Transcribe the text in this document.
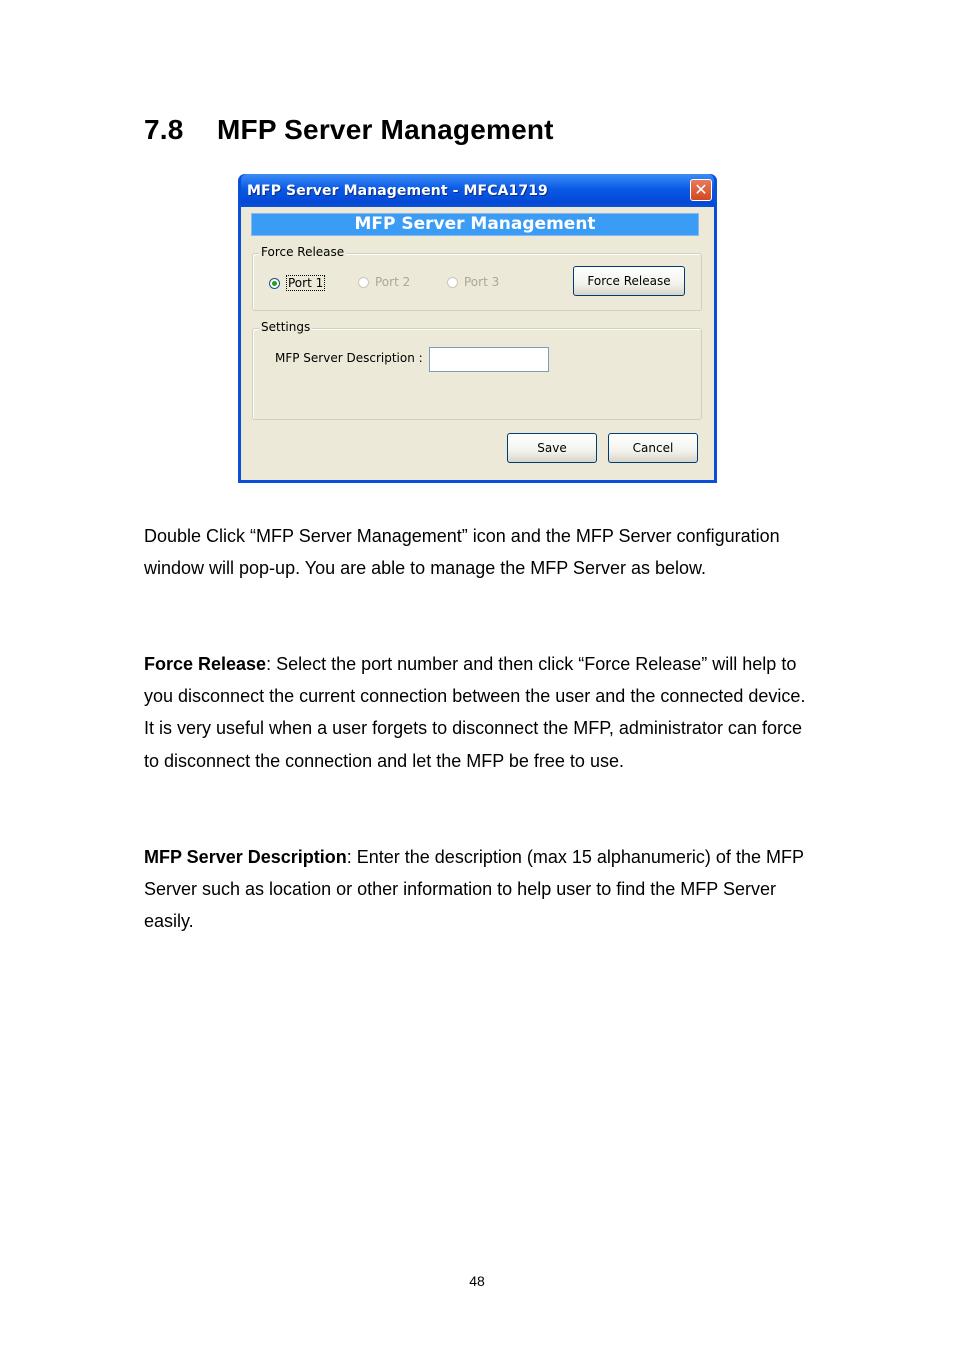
7.8 MFP Server Management
MFP Server Management - MFCA1719	✕
MFP Server Management
Force Release
Port 1	Port 2	Port 3	Force Release
Settings
MFP Server Description :
Save	Cancel

Double Click “MFP Server Management” icon and the MFP Server configuration window will pop-up. You are able to manage the MFP Server as below.

Force Release: Select the port number and then click “Force Release” will help to you disconnect the current connection between the user and the connected device. It is very useful when a user forgets to disconnect the MFP, administrator can force to disconnect the connection and let the MFP be free to use.

MFP Server Description: Enter the description (max 15 alphanumeric) of the MFP Server such as location or other information to help user to find the MFP Server easily.

48
